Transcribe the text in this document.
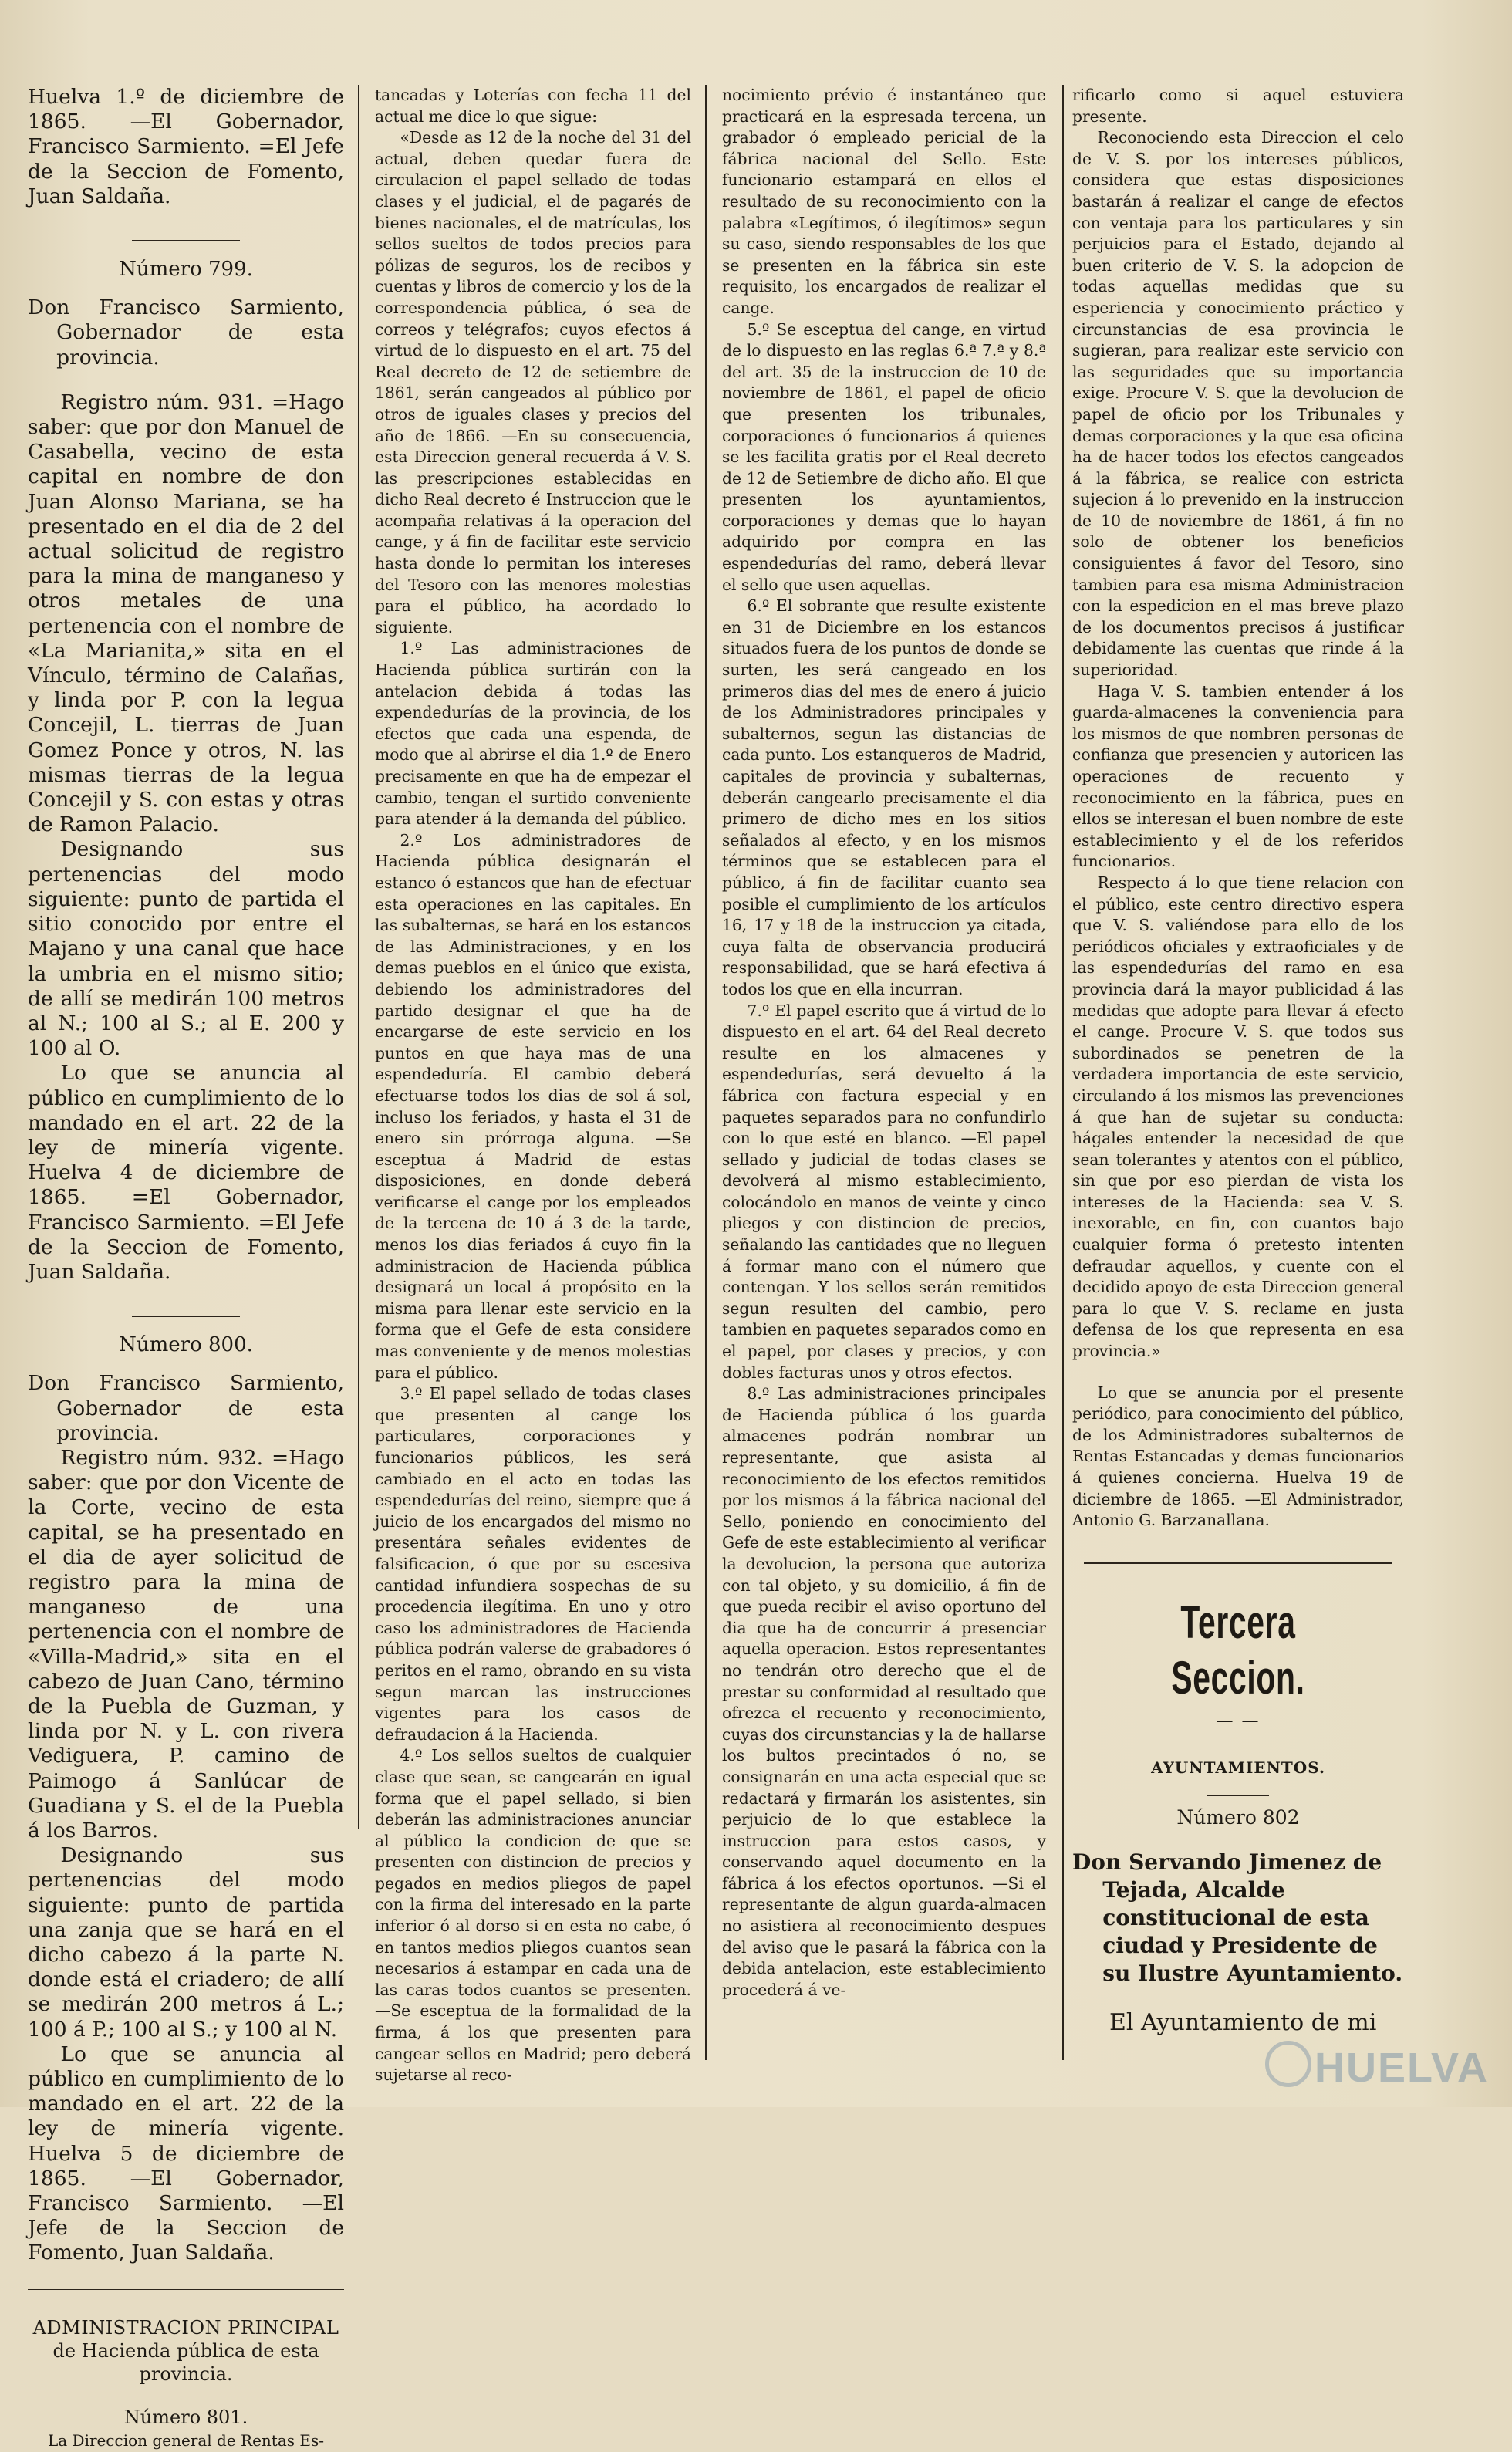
Huelva 1.º de diciembre de 1865. —El Gobernador, Francisco Sarmiento. =El Jefe de la Seccion de Fomento, Juan Saldaña.

Número 799.

Don Francisco Sarmiento, Gobernador de esta provincia.

Registro núm. 931. =Hago saber: que por don Manuel de Casabella, vecino de esta capital en nombre de don Juan Alonso Mariana, se ha presentado en el dia de 2 del actual solicitud de registro para la mina de manganeso y otros metales de una pertenencia con el nombre de «La Marianita,» sita en el Vínculo, término de Calañas, y linda por P. con la legua Concejil, L. tierras de Juan Gomez Ponce y otros, N. las mismas tierras de la legua Concejil y S. con estas y otras de Ramon Palacio.

Designando sus pertenencias del modo siguiente: punto de partida el sitio conocido por entre el Majano y una canal que hace la umbria en el mismo sitio; de allí se medirán 100 metros al N.; 100 al S.; al E. 200 y 100 al O.

Lo que se anuncia al público en cumplimiento de lo mandado en el art. 22 de la ley de minería vigente. Huelva 4 de diciembre de 1865. =El Gobernador, Francisco Sarmiento. =El Jefe de la Seccion de Fomento, Juan Saldaña.

Número 800.

Don Francisco Sarmiento, Gobernador de esta provincia.

Registro núm. 932. =Hago saber: que por don Vicente de la Corte, vecino de esta capital, se ha presentado en el dia de ayer solicitud de registro para la mina de manganeso de una pertenencia con el nombre de «Villa-Madrid,» sita en el cabezo de Juan Cano, término de la Puebla de Guzman, y linda por N. y L. con rivera Vediguera, P. camino de Paimogo á Sanlúcar de Guadiana y S. el de la Puebla á los Barros.

Designando sus pertenencias del modo siguiente: punto de partida una zanja que se hará en el dicho cabezo á la parte N. donde está el criadero; de allí se medirán 200 metros á L.; 100 á P.; 100 al S.; y 100 al N.

Lo que se anuncia al público en cumplimiento de lo mandado en el art. 22 de la ley de minería vigente. Huelva 5 de diciembre de 1865. —El Gobernador, Francisco Sarmiento. —El Jefe de la Seccion de Fomento, Juan Saldaña.

ADMINISTRACION PRINCIPAL
de Hacienda pública de esta provincia.
Número 801.
La Direccion general de Rentas Es-

tancadas y Loterías con fecha 11 del actual me dice lo que sigue:

«Desde as 12 de la noche del 31 del actual, deben quedar fuera de circulacion el papel sellado de todas clases y el judicial, el de pagarés de bienes nacionales, el de matrículas, los sellos sueltos de todos precios para pólizas de seguros, los de recibos y cuentas y libros de comercio y los de la correspondencia pública, ó sea de correos y telégrafos; cuyos efectos á virtud de lo dispuesto en el art. 75 del Real decreto de 12 de setiembre de 1861, serán cangeados al público por otros de iguales clases y precios del año de 1866. —En su consecuencia, esta Direccion general recuerda á V. S. las prescripciones establecidas en dicho Real decreto é Instruccion que le acompaña relativas á la operacion del cange, y á fin de facilitar este servicio hasta donde lo permitan los intereses del Tesoro con las menores molestias para el público, ha acordado lo siguiente.

1.º Las administraciones de Hacienda pública surtirán con la antelacion debida á todas las expendedurías de la provincia, de los efectos que cada una espenda, de modo que al abrirse el dia 1.º de Enero precisamente en que ha de empezar el cambio, tengan el surtido conveniente para atender á la demanda del público.

2.º Los administradores de Hacienda pública designarán el estanco ó estancos que han de efectuar esta operaciones en las capitales. En las subalternas, se hará en los estancos de las Administraciones, y en los demas pueblos en el único que exista, debiendo los administradores del partido designar el que ha de encargarse de este servicio en los puntos en que haya mas de una espendeduría. El cambio deberá efectuarse todos los dias de sol á sol, incluso los feriados, y hasta el 31 de enero sin prórroga alguna. —Se esceptua á Madrid de estas disposiciones, en donde deberá verificarse el cange por los empleados de la tercena de 10 á 3 de la tarde, menos los dias feriados á cuyo fin la administracion de Hacienda pública designará un local á propósito en la misma para llenar este servicio en la forma que el Gefe de esta considere mas conveniente y de menos molestias para el público.

3.º El papel sellado de todas clases que presenten al cange los particulares, corporaciones y funcionarios públicos, les será cambiado en el acto en todas las espendedurías del reino, siempre que á juicio de los encargados del mismo no presentára señales evidentes de falsificacion, ó que por su escesiva cantidad infundiera sospechas de su procedencia ilegítima. En uno y otro caso los administradores de Hacienda pública podrán valerse de grabadores ó peritos en el ramo, obrando en su vista segun marcan las instrucciones vigentes para los casos de defraudacion á la Hacienda.

4.º Los sellos sueltos de cualquier clase que sean, se cangearán en igual forma que el papel sellado, si bien deberán las administraciones anunciar al público la condicion de que se presenten con distincion de precios y pegados en medios pliegos de papel con la firma del interesado en la parte inferior ó al dorso si en esta no cabe, ó en tantos medios pliegos cuantos sean necesarios á estampar en cada una de las caras todos cuantos se presenten. —Se esceptua de la formalidad de la firma, á los que presenten para cangear sellos en Madrid; pero deberá sujetarse al reco-

nocimiento prévio é instantáneo que practicará en la espresada tercena, un grabador ó empleado pericial de la fábrica nacional del Sello. Este funcionario estampará en ellos el resultado de su reconocimiento con la palabra «Legítimos, ó ilegítimos» segun su caso, siendo responsables de los que se presenten en la fábrica sin este requisito, los encargados de realizar el cange.

5.º Se esceptua del cange, en virtud de lo dispuesto en las reglas 6.ª 7.ª y 8.ª del art. 35 de la instruccion de 10 de noviembre de 1861, el papel de oficio que presenten los tribunales, corporaciones ó funcionarios á quienes se les facilita gratis por el Real decreto de 12 de Setiembre de dicho año. El que presenten los ayuntamientos, corporaciones y demas que lo hayan adquirido por compra en las espendedurías del ramo, deberá llevar el sello que usen aquellas.

6.º El sobrante que resulte existente en 31 de Diciembre en los estancos situados fuera de los puntos de donde se surten, les será cangeado en los primeros dias del mes de enero á juicio de los Administradores principales y subalternos, segun las distancias de cada punto. Los estanqueros de Madrid, capitales de provincia y subalternas, deberán cangearlo precisamente el dia primero de dicho mes en los sitios señalados al efecto, y en los mismos términos que se establecen para el público, á fin de facilitar cuanto sea posible el cumplimiento de los artículos 16, 17 y 18 de la instruccion ya citada, cuya falta de observancia producirá responsabilidad, que se hará efectiva á todos los que en ella incurran.

7.º El papel escrito que á virtud de lo dispuesto en el art. 64 del Real decreto resulte en los almacenes y espendedurías, será devuelto á la fábrica con factura especial y en paquetes separados para no confundirlo con lo que esté en blanco. —El papel sellado y judicial de todas clases se devolverá al mismo establecimiento, colocándolo en manos de veinte y cinco pliegos y con distincion de precios, señalando las cantidades que no lleguen á formar mano con el número que contengan. Y los sellos serán remitidos segun resulten del cambio, pero tambien en paquetes separados como en el papel, por clases y precios, y con dobles facturas unos y otros efectos.

8.º Las administraciones principales de Hacienda pública ó los guarda almacenes podrán nombrar un representante, que asista al reconocimiento de los efectos remitidos por los mismos á la fábrica nacional del Sello, poniendo en conocimiento del Gefe de este establecimiento al verificar la devolucion, la persona que autoriza con tal objeto, y su domicilio, á fin de que pueda recibir el aviso oportuno del dia que ha de concurrir á presenciar aquella operacion. Estos representantes no tendrán otro derecho que el de prestar su conformidad al resultado que ofrezca el recuento y reconocimiento, cuyas dos circunstancias y la de hallarse los bultos precintados ó no, se consignarán en una acta especial que se redactará y firmarán los asistentes, sin perjuicio de lo que establece la instruccion para estos casos, y conservando aquel documento en la fábrica á los efectos oportunos. —Si el representante de algun guarda-almacen no asistiera al reconocimiento despues del aviso que le pasará la fábrica con la debida antelacion, este establecimiento procederá á ve-

rificarlo como si aquel estuviera presente.

Reconociendo esta Direccion el celo de V. S. por los intereses públicos, considera que estas disposiciones bastarán á realizar el cange de efectos con ventaja para los particulares y sin perjuicios para el Estado, dejando al buen criterio de V. S. la adopcion de todas aquellas medidas que su esperiencia y conocimiento práctico y circunstancias de esa provincia le sugieran, para realizar este servicio con las seguridades que su importancia exige. Procure V. S. que la devolucion de papel de oficio por los Tribunales y demas corporaciones y la que esa oficina ha de hacer todos los efectos cangeados á la fábrica, se realice con estricta sujecion á lo prevenido en la instruccion de 10 de noviembre de 1861, á fin no solo de obtener los beneficios consiguientes á favor del Tesoro, sino tambien para esa misma Administracion con la espedicion en el mas breve plazo de los documentos precisos á justificar debidamente las cuentas que rinde á la superioridad.

Haga V. S. tambien entender á los guarda-almacenes la conveniencia para los mismos de que nombren personas de confianza que presencien y autoricen las operaciones de recuento y reconocimiento en la fábrica, pues en ellos se interesan el buen nombre de este establecimiento y el de los referidos funcionarios.

Respecto á lo que tiene relacion con el público, este centro directivo espera que V. S. valiéndose para ello de los periódicos oficiales y extraoficiales y de las espendedurías del ramo en esa provincia dará la mayor publicidad á las medidas que adopte para llevar á efecto el cange. Procure V. S. que todos sus subordinados se penetren de la verdadera importancia de este servicio, circulando á los mismos las prevenciones á que han de sujetar su conducta: hágales entender la necesidad de que sean tolerantes y atentos con el público, sin que por eso pierdan de vista los intereses de la Hacienda: sea V. S. inexorable, en fin, con cuantos bajo cualquier forma ó pretesto intenten defraudar aquellos, y cuente con el decidido apoyo de esta Direccion general para lo que V. S. reclame en justa defensa de los que representa en esa provincia.»

Lo que se anuncia por el presente periódico, para conocimiento del público, de los Administradores subalternos de Rentas Estancadas y demas funcionarios á quienes concierna. Huelva 19 de diciembre de 1865. —El Administrador, Antonio G. Barzanallana.

Tercera Seccion.
— —
AYUNTAMIENTOS.
Número 802

Don Servando Jimenez de Tejada, Alcalde constitucional de esta ciudad y Presidente de su Ilustre Ayuntamiento.

El Ayuntamiento de mi

HUELVA
